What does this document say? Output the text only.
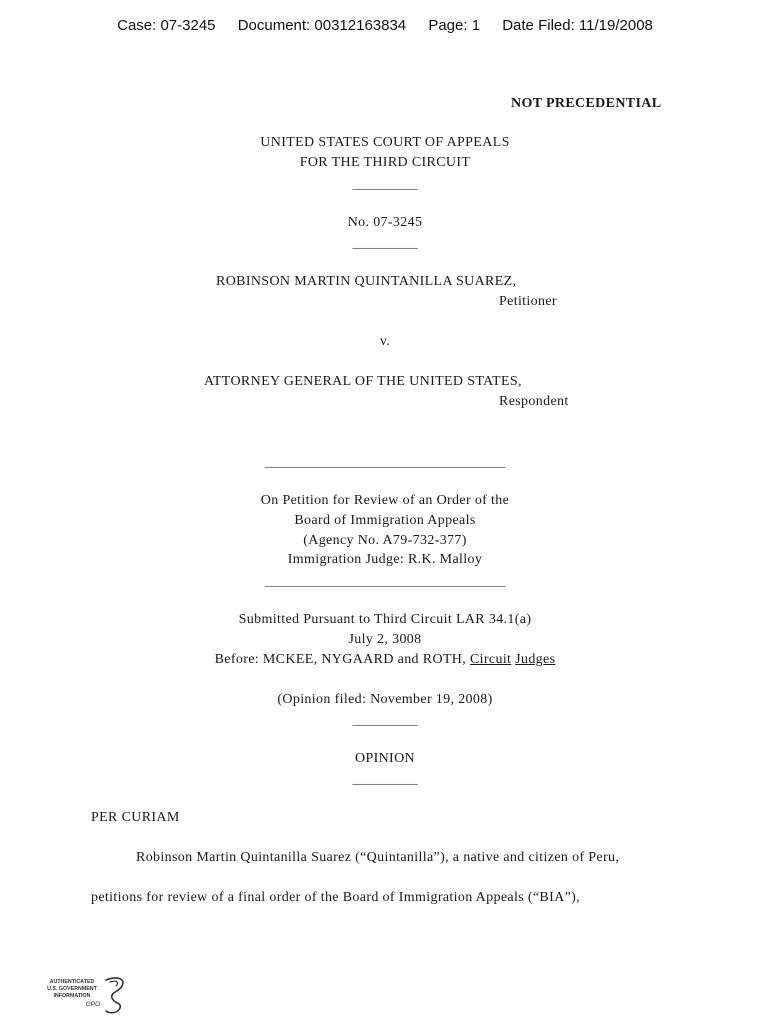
Case: 07-3245 Document: 00312163834 Page: 1 Date Filed: 11/19/2008
NOT PRECEDENTIAL
UNITED STATES COURT OF APPEALS
FOR THE THIRD CIRCUIT
__________
No. 07-3245
__________
ROBINSON MARTIN QUINTANILLA SUAREZ,
Petitioner
v.
ATTORNEY GENERAL OF THE UNITED STATES,
Respondent
_____________________________________
On Petition for Review of an Order of the
Board of Immigration Appeals
(Agency No. A79-732-377)
Immigration Judge: R.K. Malloy
_____________________________________
Submitted Pursuant to Third Circuit LAR 34.1(a)
July 2, 3008
Before: MCKEE, NYGAARD and ROTH, Circuit Judges
(Opinion filed: November 19, 2008)
__________
OPINION
__________
PER CURIAM
Robinson Martin Quintanilla Suarez (“Quintanilla”), a native and citizen of Peru,
petitions for review of a final order of the Board of Immigration Appeals (“BIA”),
AUTHENTICATED
U.S. GOVERNMENT
INFORMATION
GPO
